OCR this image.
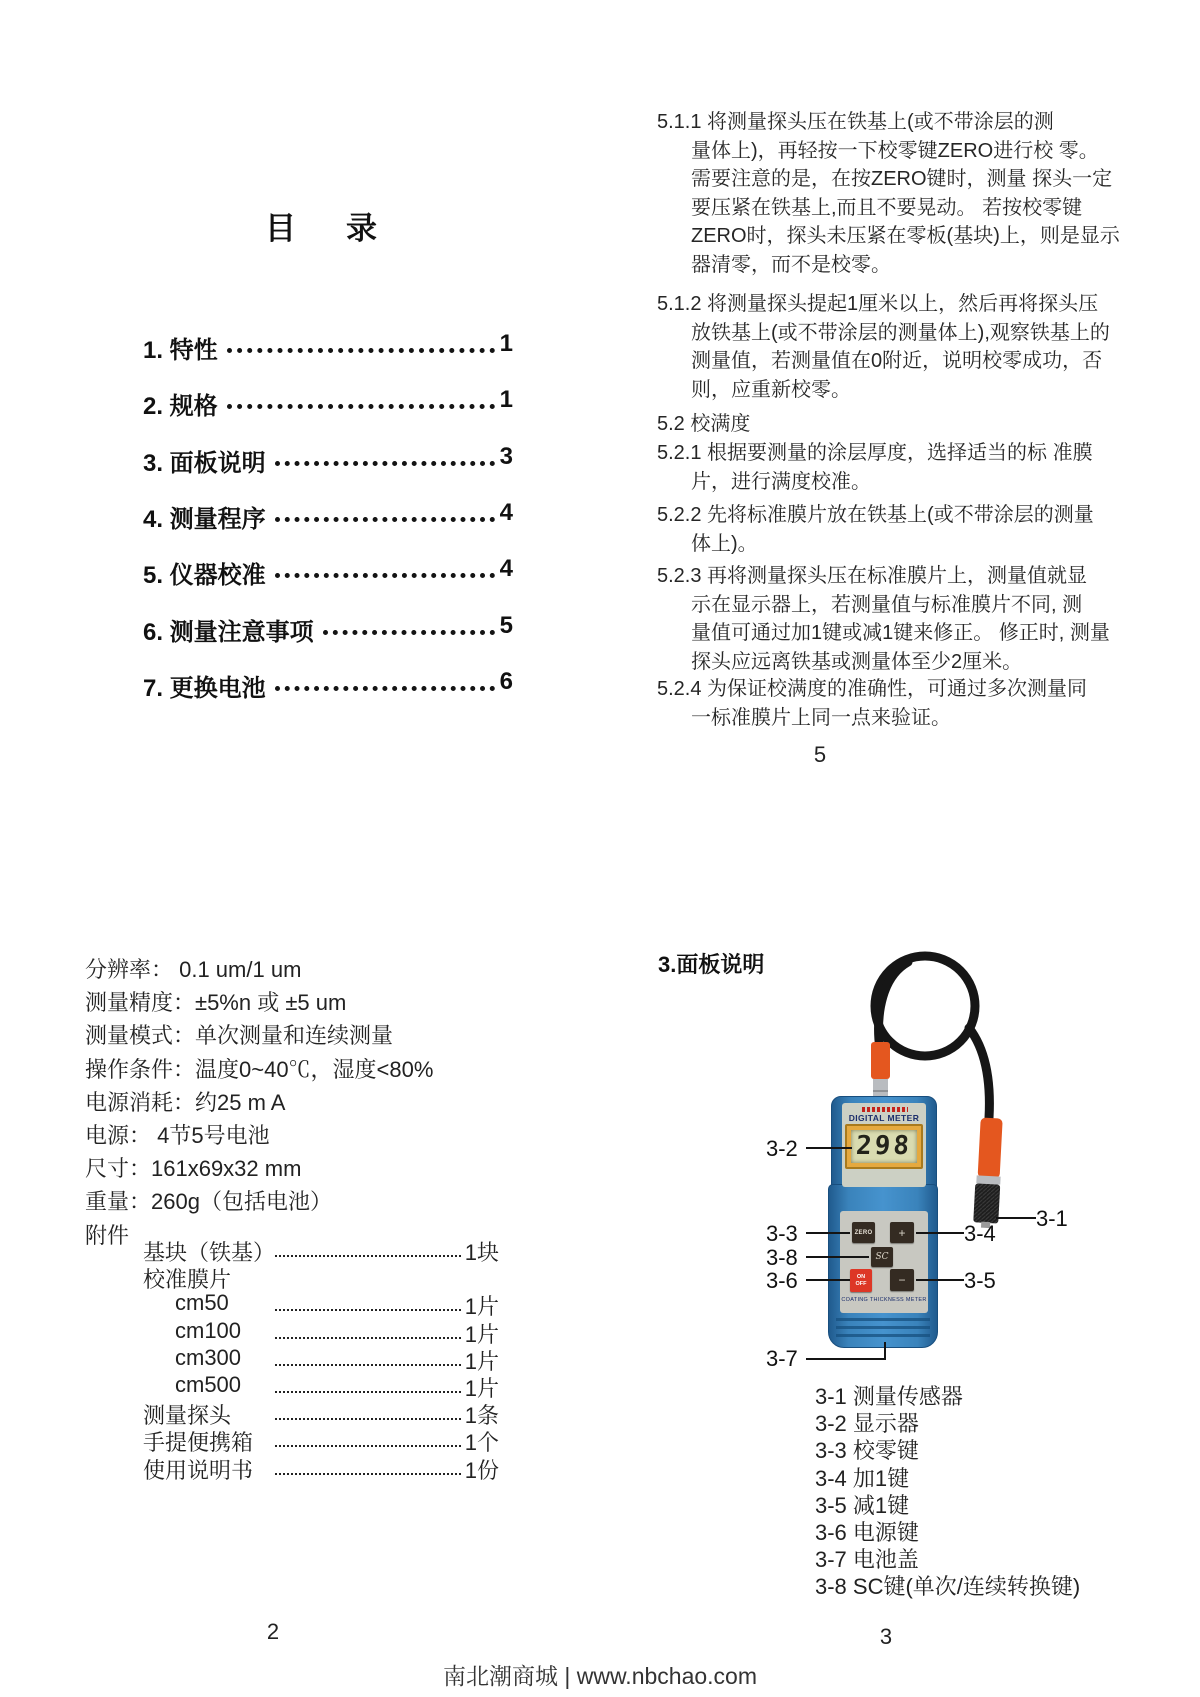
目 录
1. 特性	1
2. 规格	1
3. 面板说明	3
4. 测量程序	4
5. 仪器校准	4
6. 测量注意事项	5
7. 更换电池	6
2
5.1.1 将测量探头压在铁基上(或不带涂层的测
量体上)，再轻按一下校零键ZERO进行校 零。
需要注意的是，在按ZERO键时，测量 探头一定
要压紧在铁基上,而且不要晃动。 若按校零键
ZERO时，探头未压紧在零板(基块)上，则是显示
器清零，而不是校零。
5.1.2 将测量探头提起1厘米以上，然后再将探头压
放铁基上(或不带涂层的测量体上),观察铁基上的
测量值，若测量值在0附近，说明校零成功，否
则，应重新校零。
5.2 校满度
5.2.1 根据要测量的涂层厚度，选择适当的标 准膜
片，进行满度校准。
5.2.2 先将标准膜片放在铁基上(或不带涂层的测量
体上)。
5.2.3 再将测量探头压在标准膜片上，测量值就显
示在显示器上，若测量值与标准膜片不同, 测
量值可通过加1键或减1键来修正。 修正时, 测量
探头应远离铁基或测量体至少2厘米。
5.2.4 为保证校满度的准确性，可通过多次测量同
一标准膜片上同一点来验证。
5
分辨率： 0.1 um/1 um
测量精度：±5%n 或 ±5 um
测量模式：单次测量和连续测量
操作条件：温度0~40℃，湿度<80%
电源消耗：约25 m A
电源： 4节5号电池
尺寸：161x69x32 mm
重量：260g（包括电池）
附件
基块（铁基）	1块
校准膜片
cm50	1片
cm100	1片
cm300	1片
cm500	1片
测量探头	1条
手提便携箱	1个
使用说明书	1份
3.面板说明
DIGITAL METER
298
ZERO	+
SC
ON
OFF	−
COATING THICKNESS METER
3-2
3-1
3-3	3-4
3-8
3-6	3-5
3-7
3-1 测量传感器
3-2 显示器
3-3 校零键
3-4 加1键
3-5 减1键
3-6 电源键
3-7 电池盖
3-8 SC键(单次/连续转换键)
3
南北潮商城 | www.nbchao.com
